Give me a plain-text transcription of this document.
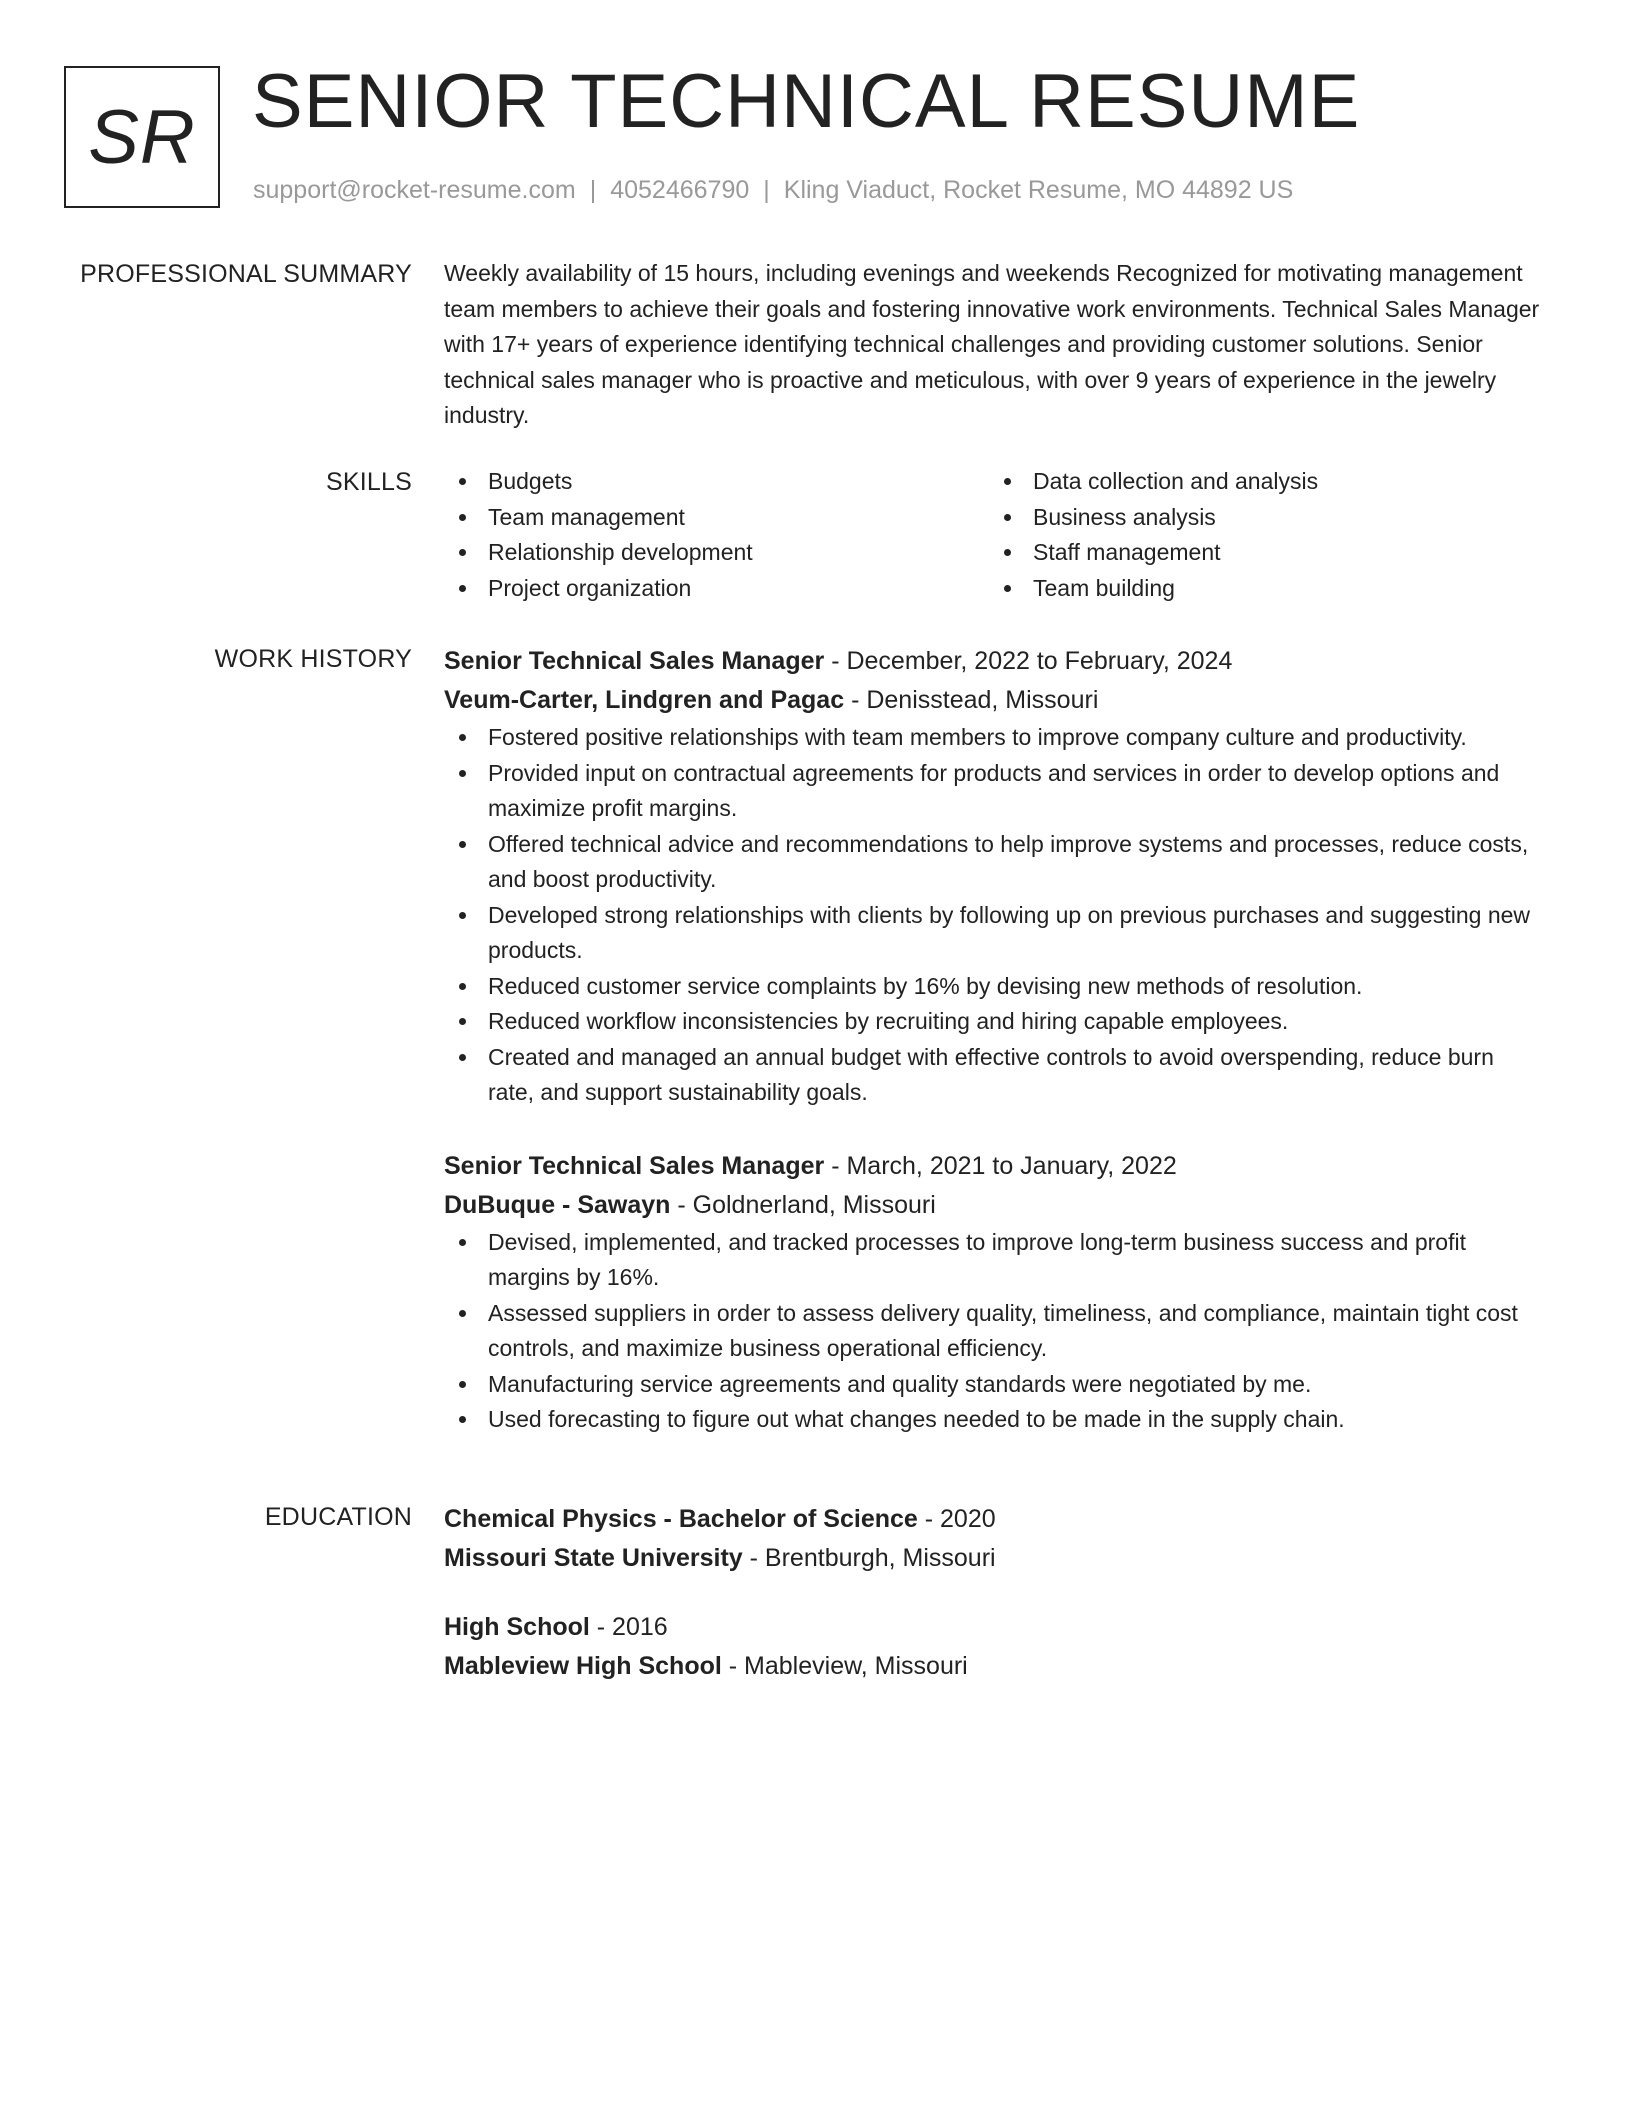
SR SENIOR TECHNICAL RESUME
support@rocket-resume.com | 4052466790 | Kling Viaduct, Rocket Resume, MO 44892 US
PROFESSIONAL SUMMARY Weekly availability of 15 hours, including evenings and weekends Recognized for motivating management team members to achieve their goals and fostering innovative work environments. Technical Sales Manager with 17+ years of experience identifying technical challenges and providing customer solutions. Senior technical sales manager who is proactive and meticulous, with over 9 years of experience in the jewelry industry.

SKILLS	Budgets
Team management
Relationship development
Project organization
Data collection and analysis
Business analysis
Staff management
Team building
WORK HISTORY Senior Technical Sales Manager - December, 2022 to February, 2024
Veum-Carter, Lindgren and Pagac - Denisstead, Missouri
Fostered positive relationships with team members to improve company culture and productivity.
Provided input on contractual agreements for products and services in order to develop options and maximize profit margins.
Offered technical advice and recommendations to help improve systems and processes, reduce costs, and boost productivity.
Developed strong relationships with clients by following up on previous purchases and suggesting new products.
Reduced customer service complaints by 16% by devising new methods of resolution.
Reduced workflow inconsistencies by recruiting and hiring capable employees.
Created and managed an annual budget with effective controls to avoid overspending, reduce burn rate, and support sustainability goals.
Senior Technical Sales Manager - March, 2021 to January, 2022
DuBuque - Sawayn - Goldnerland, Missouri
Devised, implemented, and tracked processes to improve long-term business success and profit margins by 16%.
Assessed suppliers in order to assess delivery quality, timeliness, and compliance, maintain tight cost controls, and maximize business operational efficiency.
Manufacturing service agreements and quality standards were negotiated by me.
Used forecasting to figure out what changes needed to be made in the supply chain.
EDUCATION Chemical Physics - Bachelor of Science - 2020
Missouri State University - Brentburgh, Missouri
High School - 2016
Mableview High School - Mableview, Missouri
